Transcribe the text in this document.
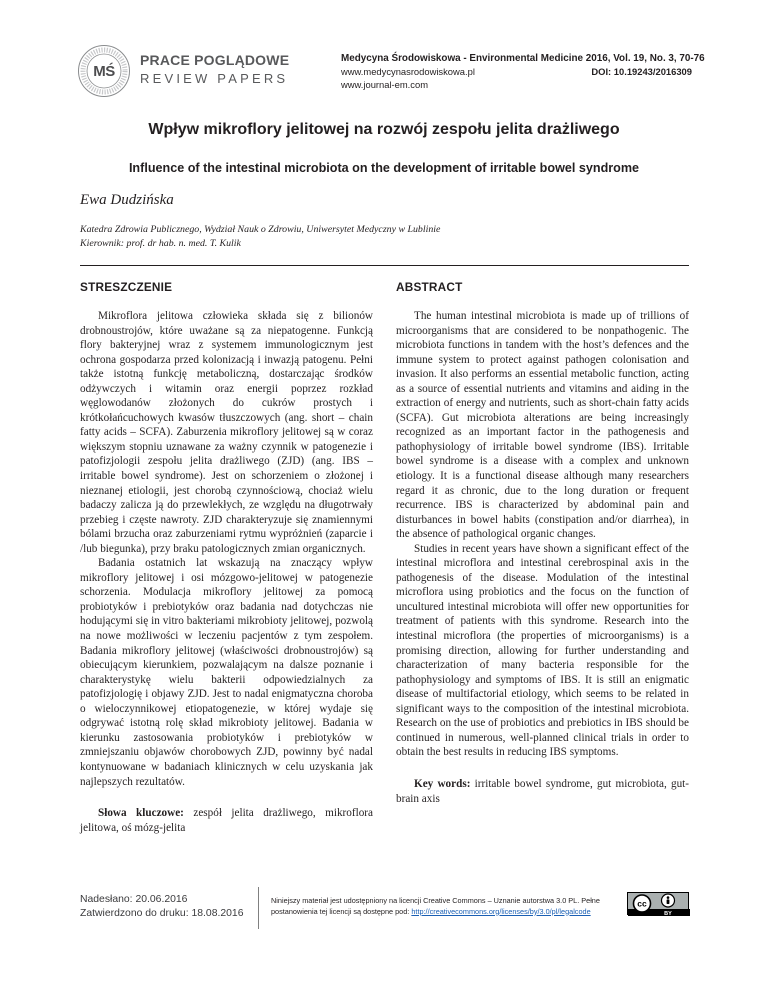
MŚ
PRACE POGLĄDOWE
REVIEW PAPERS
Medycyna Środowiskowa - Environmental Medicine 2016, Vol. 19, No. 3, 70-76
www.medycynasrodowiskowa.pl	DOI: 10.19243/2016309
www.journal-em.com
Wpływ mikroflory jelitowej na rozwój zespołu jelita drażliwego
Influence of the intestinal microbiota on the development of irritable bowel syndrome
Ewa Dudzińska
Katedra Zdrowia Publicznego, Wydział Nauk o Zdrowiu, Uniwersytet Medyczny w Lublinie
Kierownik: prof. dr hab. n. med. T. Kulik
STRESZCZENIE

Mikroflora jelitowa człowieka składa się z bilionów drobnoustrojów, które uważane są za niepatogenne. Funkcją flory bakteryjnej wraz z systemem immunologicznym jest ochrona gospodarza przed kolonizacją i inwazją patogenu. Pełni także istotną funkcję metaboliczną, dostarczając środków odżywczych i witamin oraz energii poprzez rozkład węglowodanów złożonych do cukrów prostych i krótkołańcuchowych kwasów tłuszczowych (ang. short – chain fatty acids – SCFA). Zaburzenia mikroflory jelitowej są w coraz większym stopniu uznawane za ważny czynnik w patogenezie i patofizjologii zespołu jelita drażliwego (ZJD) (ang. IBS – irritable bowel syndrome). Jest on schorzeniem o złożonej i nieznanej etiologii, jest chorobą czynnościową, chociaż wielu badaczy zalicza ją do przewlekłych, ze względu na długotrwały przebieg i częste nawroty. ZJD charakteryzuje się znamiennymi bólami brzucha oraz zaburzeniami rytmu wypróżnień (zaparcie i /lub biegunka), przy braku patologicznych zmian organicznych.

Badania ostatnich lat wskazują na znaczący wpływ mikroflory jelitowej i osi mózgowo-jelitowej w patogenezie schorzenia. Modulacja mikroflory jelitowej za pomocą probiotyków i prebiotyków oraz badania nad dotychczas nie hodującymi się in vitro bakteriami mikrobioty jelitowej, pozwolą na nowe możliwości w leczeniu pacjentów z tym zespołem. Badania mikroflory jelitowej (właściwości drobnoustrojów) są obiecującym kierunkiem, pozwalającym na dalsze poznanie i charakterystykę wielu bakterii odpowiedzialnych za patofizjologię i objawy ZJD. Jest to nadal enigmatyczna choroba o wieloczynnikowej etiopatogenezie, w której wydaje się odgrywać istotną rolę skład mikrobioty jelitowej. Badania w kierunku zastosowania probiotyków i prebiotyków w zmniejszaniu objawów chorobowych ZJD, powinny być nadal kontynuowane w badaniach klinicznych w celu uzyskania jak najlepszych rezultatów.

Słowa kluczowe: zespół jelita drażliwego, mikroflora jelitowa, oś mózg-jelita

ABSTRACT

The human intestinal microbiota is made up of trillions of microorganisms that are considered to be nonpathogenic. The microbiota functions in tandem with the host’s defences and the immune system to protect against pathogen colonisation and invasion. It also performs an essential metabolic function, acting as a source of essential nutrients and vitamins and aiding in the extraction of energy and nutrients, such as short-chain fatty acids (SCFA). Gut microbiota alterations are being increasingly recognized as an important factor in the pathogenesis and pathophysiology of irritable bowel syndrome (IBS). Irritable bowel syndrome is a disease with a complex and unknown etiology. It is a functional disease although many researchers regard it as chronic, due to the long duration or frequent recurrence. IBS is characterized by abdominal pain and disturbances in bowel habits (constipation and/or diarrhea), in the absence of pathological organic changes.

Studies in recent years have shown a significant effect of the intestinal microflora and intestinal cerebrospinal axis in the pathogenesis of the disease. Modulation of the intestinal microflora using probiotics and the focus on the function of uncultured intestinal microbiota will offer new opportunities for treatment of patients with this syndrome. Research into the intestinal microflora (the properties of microorganisms) is a promising direction, allowing for further understanding and characterization of many bacteria responsible for the pathophysiology and symptoms of IBS. It is still an enigmatic disease of multifactorial etiology, which seems to be related in significant ways to the composition of the intestinal microbiota. Research on the use of probiotics and prebiotics in IBS should be continued in numerous, well-planned clinical trials in order to obtain the best results in reducing IBS symptoms.

Key words: irritable bowel syndrome, gut microbiota, gut-brain axis

Nadesłano: 20.06.2016
Zatwierdzono do druku: 18.08.2016
Niniejszy materiał jest udostępniony na licencji Creative Commons – Uznanie autorstwa 3.0 PL. Pełne
postanowienia tej licencji są dostępne pod: http://creativecommons.org/licenses/by/3.0/pl/legalcode
cc
BY
